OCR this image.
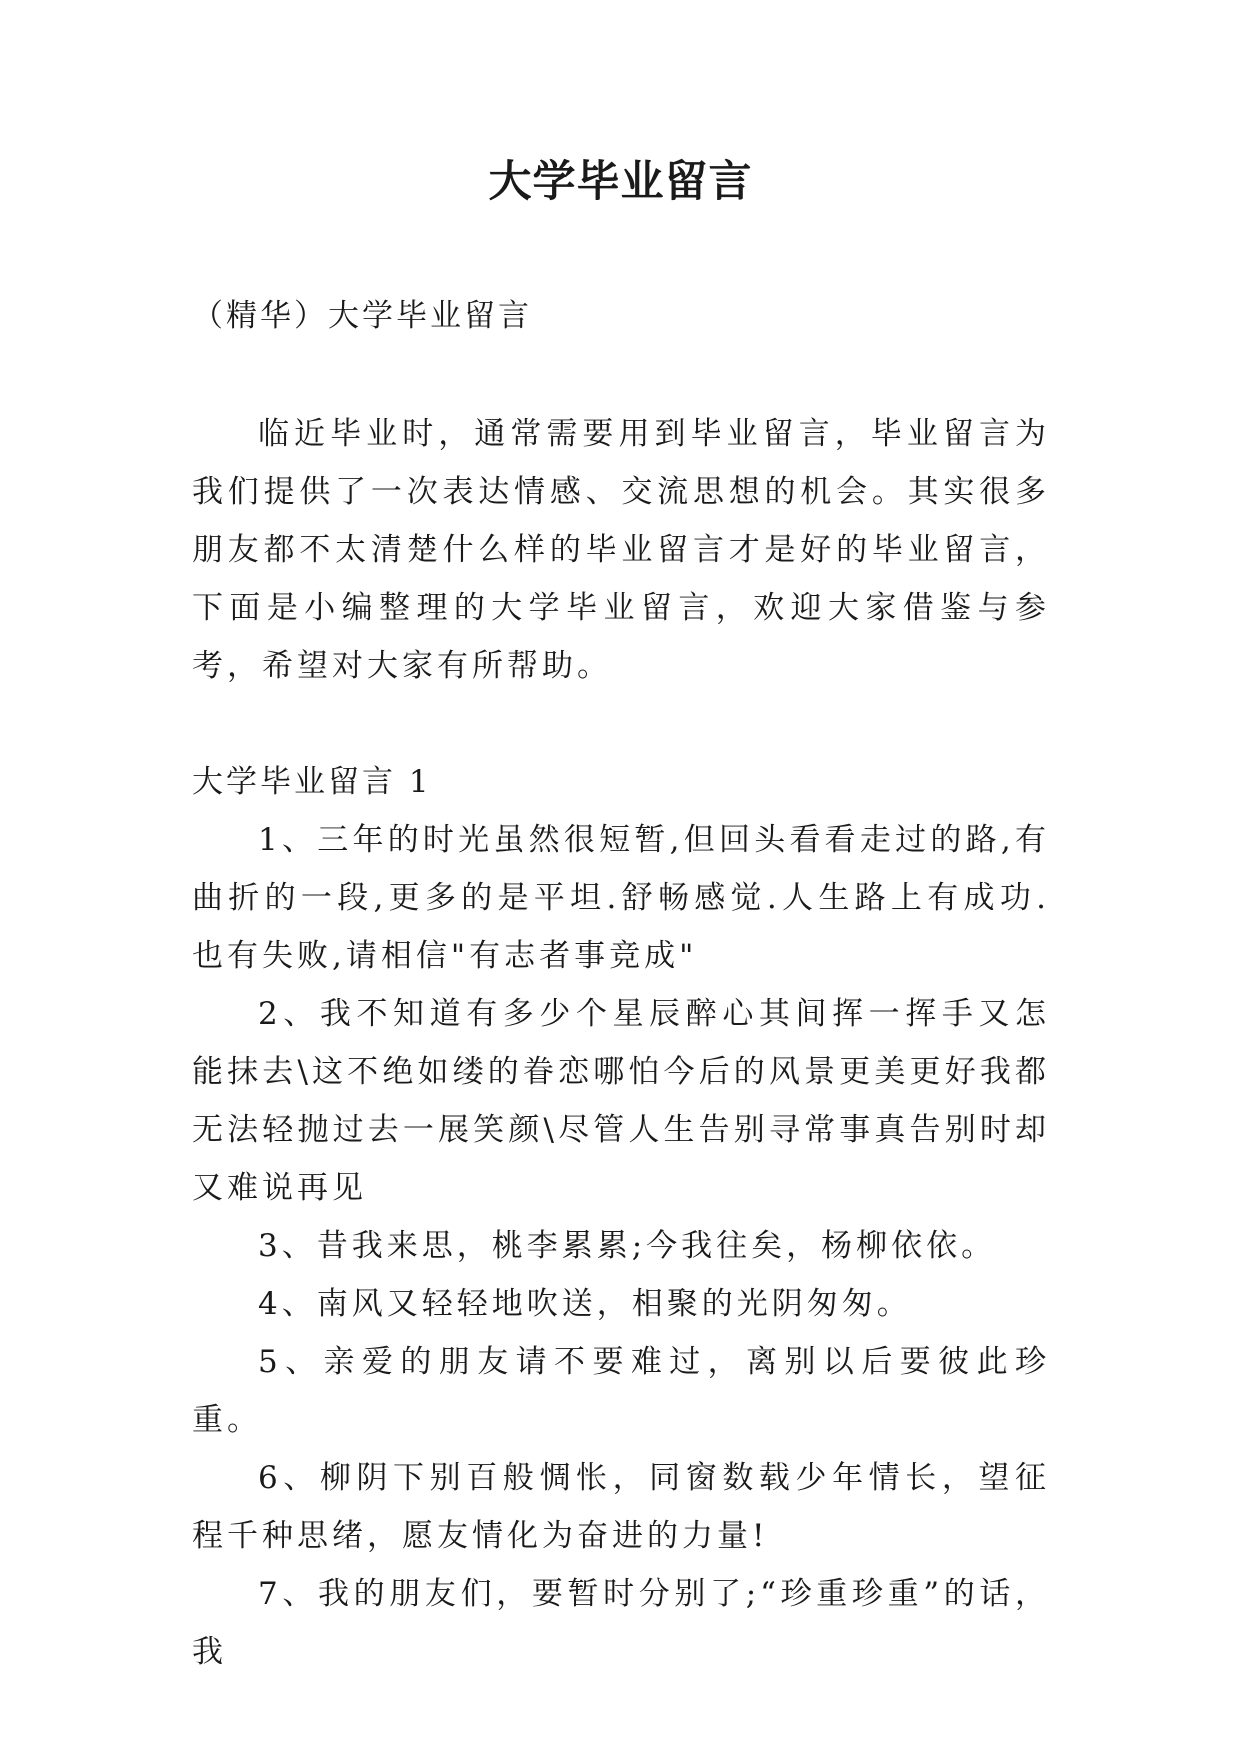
大学毕业留言

（精华）大学毕业留言

临近毕业时，通常需要用到毕业留言，毕业留言为我们提供了一次表达情感、交流思想的机会。其实很多朋友都不太清楚什么样的毕业留言才是好的毕业留言，下面是小编整理的大学毕业留言，欢迎大家借鉴与参考，希望对大家有所帮助。

大学毕业留言 1

1、三年的时光虽然很短暂,但回头看看走过的路,有曲折的一段,更多的是平坦.舒畅感觉.人生路上有成功.也有失败,请相信"有志者事竞成"

2、我不知道有多少个星辰醉心其间挥一挥手又怎能抹去\这不绝如缕的眷恋哪怕今后的风景更美更好我都无法轻抛过去一展笑颜\尽管人生告别寻常事真告别时却又难说再见

3、昔我来思，桃李累累;今我往矣，杨柳依依。

4、南风又轻轻地吹送，相聚的光阴匆匆。

5、亲爱的朋友请不要难过，离别以后要彼此珍重。

6、柳阴下别百般惆怅，同窗数载少年情长，望征程千种思绪，愿友情化为奋进的力量!

7、我的朋友们，要暂时分别了;“珍重珍重”的话，我
